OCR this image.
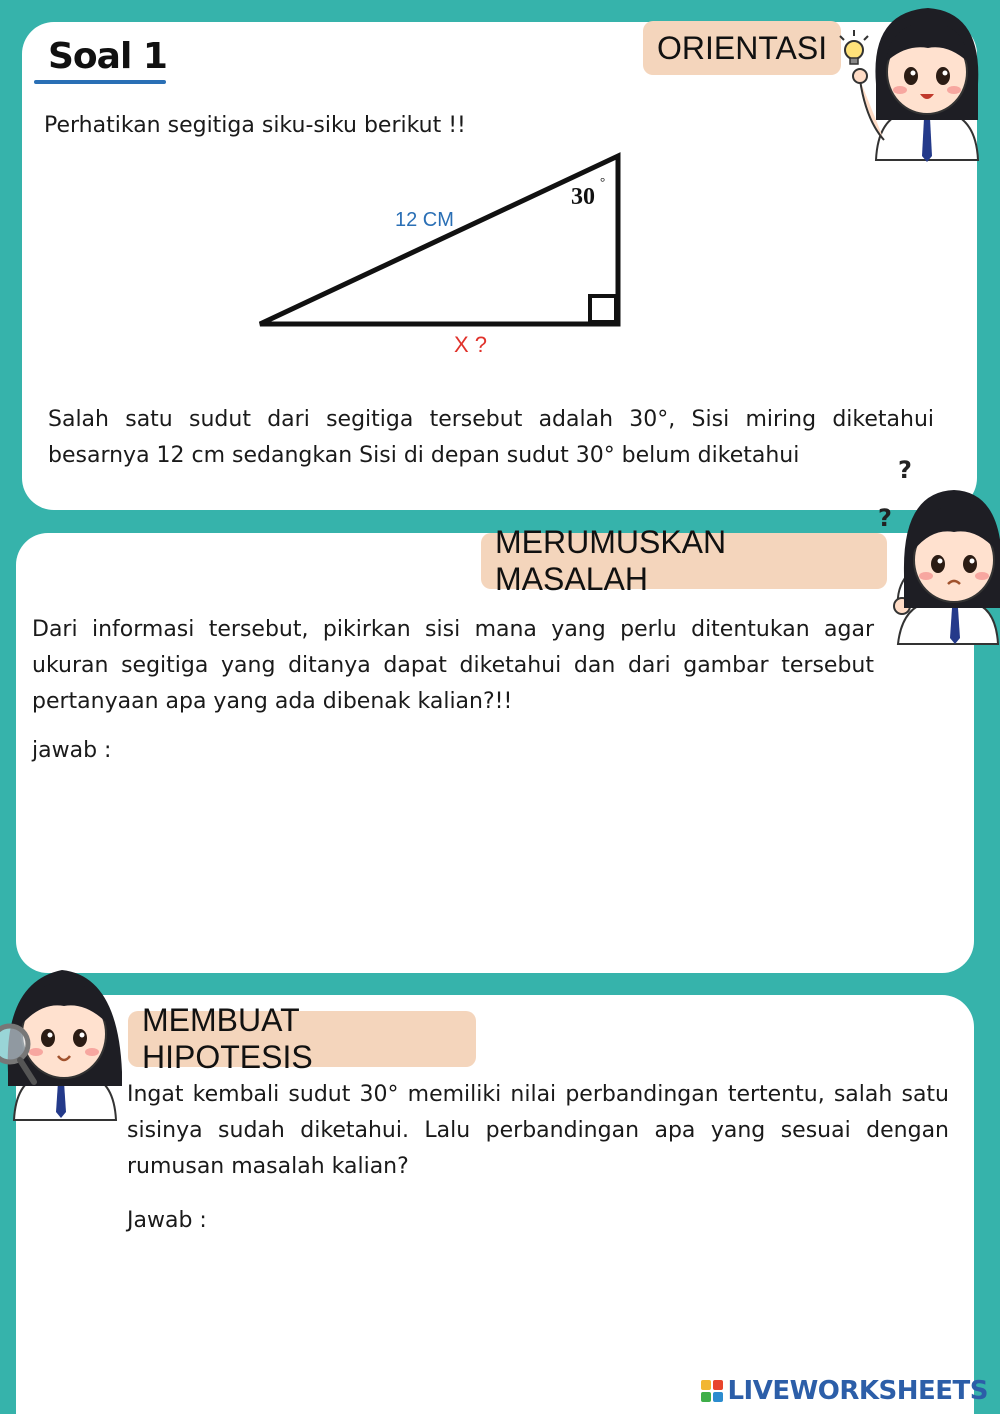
Soal 1	ORIENTASI
Perhatikan segitiga siku-siku berikut !!
12 CM
30
°
X ?
Salah satu sudut dari segitiga tersebut adalah 30°, Sisi miring diketahui besarnya 12 cm sedangkan Sisi di depan sudut 30° belum diketahui
MERUMUSKAN MASALAH
Dari informasi tersebut, pikirkan sisi mana yang perlu ditentukan agar ukuran segitiga yang ditanya dapat diketahui dan dari gambar tersebut pertanyaan apa yang ada dibenak kalian?!!
jawab :
MEMBUAT HIPOTESIS
Ingat kembali sudut 30° memiliki nilai perbandingan tertentu, salah satu sisinya sudah diketahui. Lalu perbandingan apa yang sesuai dengan rumusan masalah kalian?
Jawab :
?
?
LIVEWORKSHEETS
